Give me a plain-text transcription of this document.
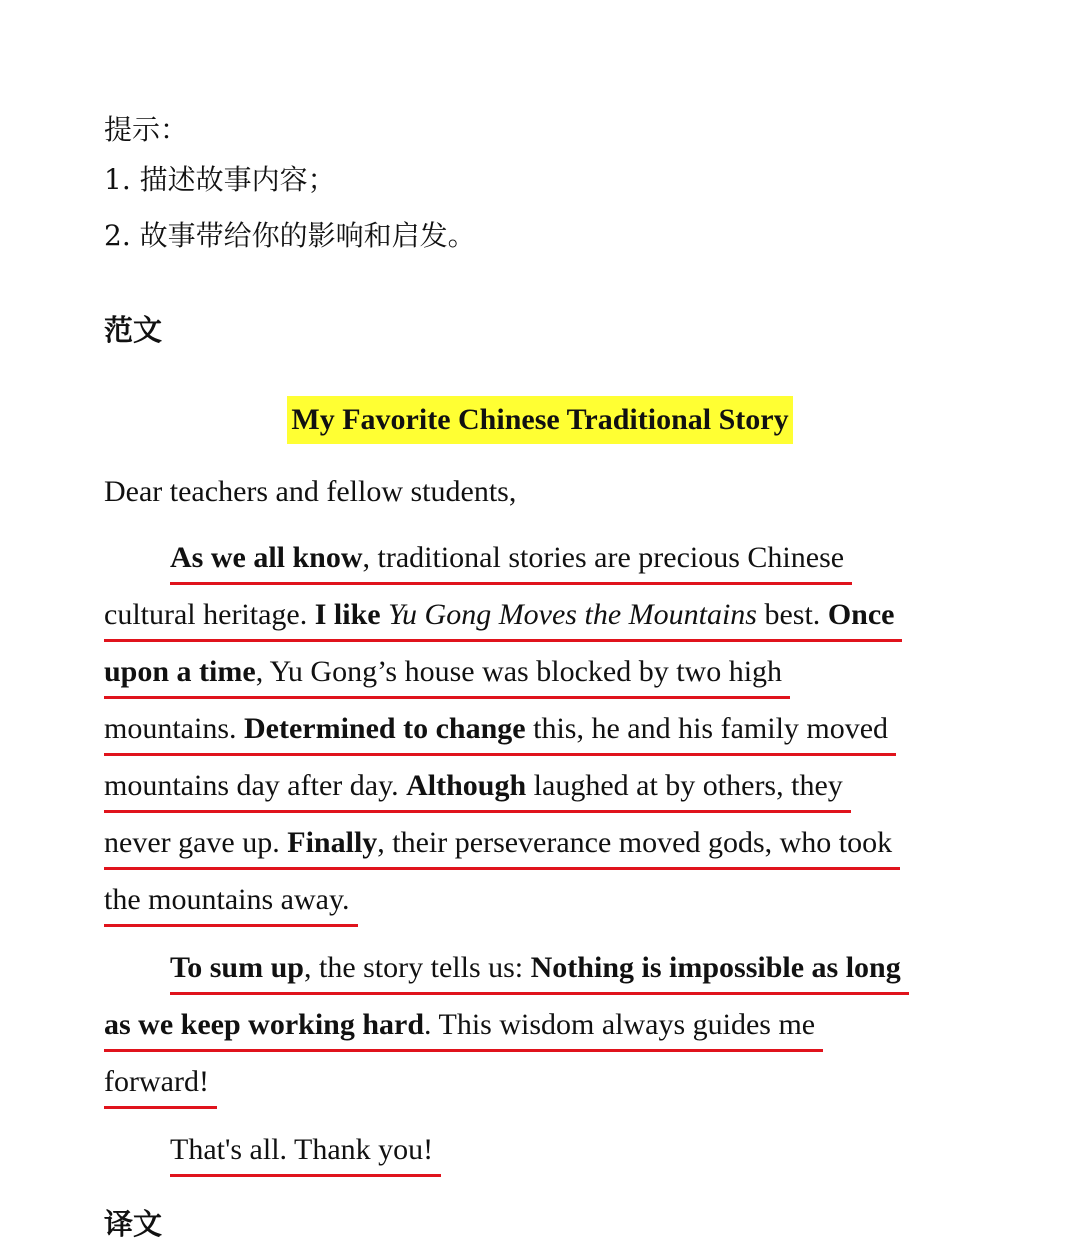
提示：
1. 描述故事内容；
2. 故事带给你的影响和启发。
范文
My Favorite Chinese Traditional Story
Dear teachers and fellow students,
As we all know, traditional stories are precious Chinese
cultural heritage. I like Yu Gong Moves the Mountains best. Once
upon a time, Yu Gong’s house was blocked by two high
mountains. Determined to change this, he and his family moved
mountains day after day. Although laughed at by others, they
never gave up. Finally, their perseverance moved gods, who took
the mountains away.
To sum up, the story tells us: Nothing is impossible as long
as we keep working hard. This wisdom always guides me
forward!
That's all. Thank you!
译文
